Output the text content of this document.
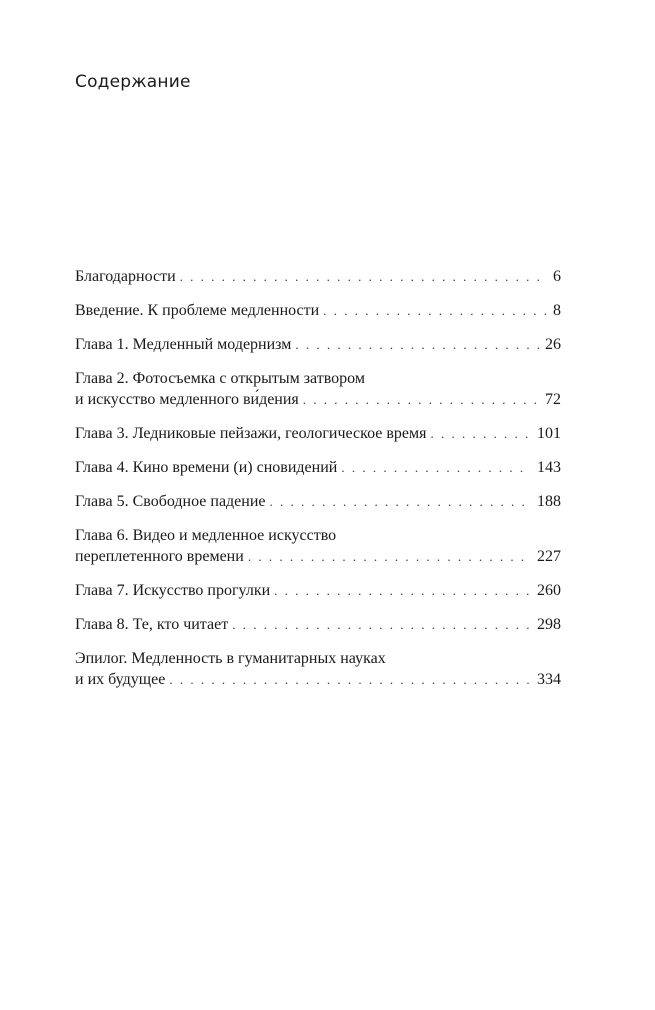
Содержание
Благодарности . . .	6
Введение. К проблеме медленности . . .	8
Глава 1. Медленный модернизм . . .	26
Глава 2. Фотосъемка с открытым затвором
и искусство медленного ви́дения . . .	72
Глава 3. Ледниковые пейзажи, геологическое время . . .	101
Глава 4. Кино времени (и) сновидений . . .	143
Глава 5. Свободное падение . . .	188
Глава 6. Видео и медленное искусство
переплетенного времени . . .	227
Глава 7. Искусство прогулки . . .	260
Глава 8. Те, кто читает . . .	298
Эпилог. Медленность в гуманитарных науках
и их будущее . . .	334
